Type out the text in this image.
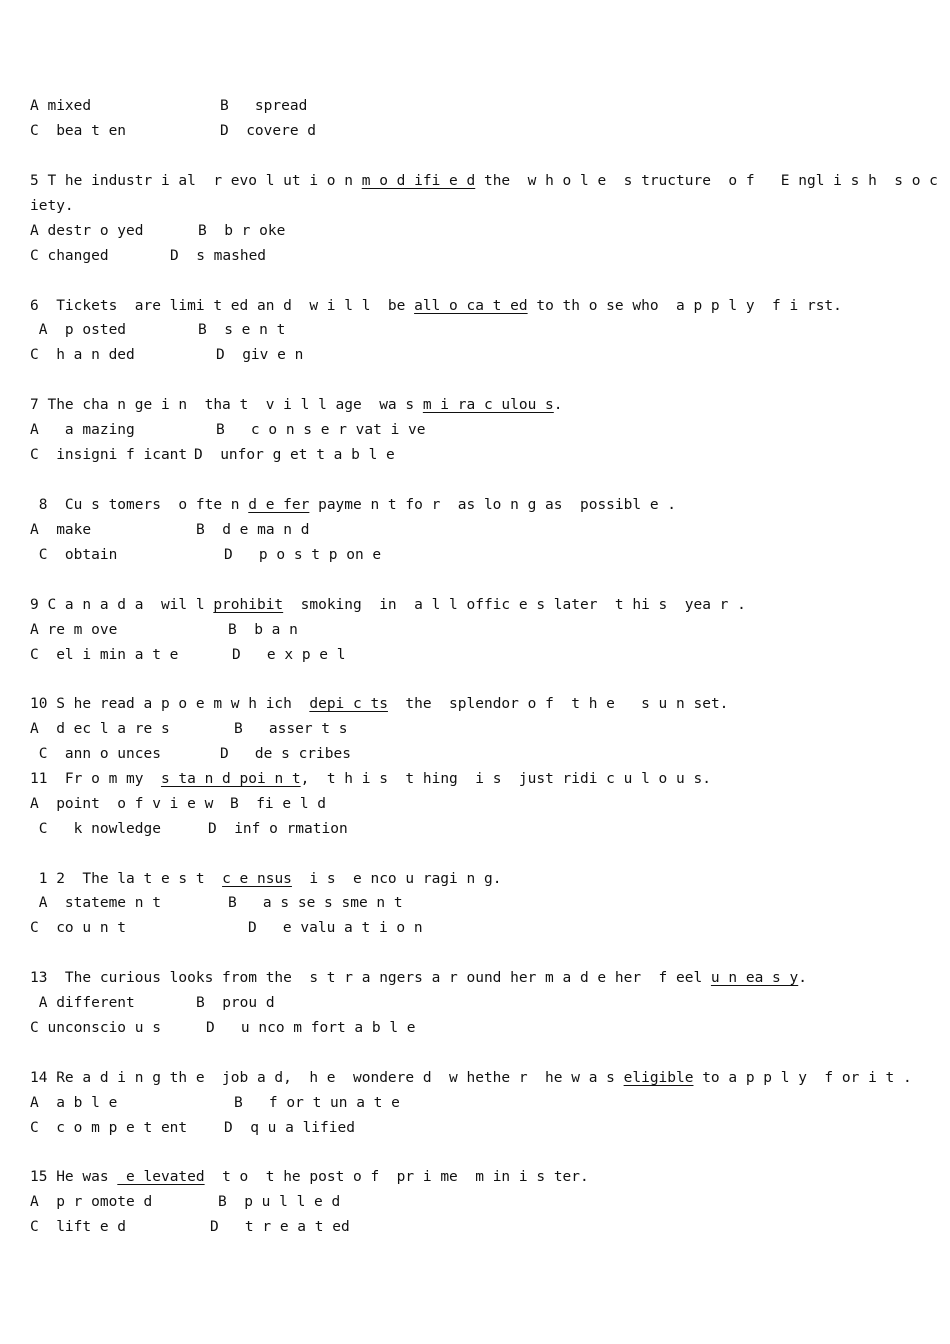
A mixed	B   spread
C  bea t en	D  covere d
5 T he industr i al  r evo l ut i o n m o d ifi e d the  w h o l e  s tructure  o f   E ngl i s h  s o c
iety.
A destr o yed	B  b r oke
C changed	D  s mashed
6  Tickets  are limi t ed an d  w i l l  be all o ca t ed to th o se who  a p p l y  f i rst.
A  p osted	B  s e n t
C  h a n ded	D  giv e n
7 The cha n ge i n  tha t  v i l l age  wa s m i ra c ulou s.
A   a mazing	B   c o n s e r vat i ve
C  insigni f icant D  unfor g et t a b l e
8  Cu s tomers  o fte n d e fer payme n t fo r  as lo n g as  possibl e .
A  make	B  d e ma n d
C  obtain	D   p o s t p on e
9 C a n a d a  wil l prohibit  smoking  in  a l l offic e s later  t hi s  yea r .
A re m ove	B  b a n
C  el i min a t e	D   e x p e l
10 S he read a p o e m w h ich  depi c ts  the  splendor o f  t h e   s u n set.
A  d ec l a re s	B   asser t s
C  ann o unces	D   de s cribes
11  Fr o m my  s ta n d poi n t,  t h i s  t hing  i s  just ridi c u l o u s.
A  point  o f v i e w B  fi e l d
C   k nowledge	D  inf o rmation
1 2  The la t e s t  c e nsus  i s  e nco u ragi n g.
A  stateme n t	B   a s se s sme n t
C  co u n t	D   e valu a t i o n
13  The curious looks from the  s t r a ngers a r ound her m a d e her  f eel u n ea s y.
A different	B  prou d
C unconscio u s	D   u nco m fort a b l e
14 Re a d i n g th e  job a d,  h e  wondere d  w hethe r  he w a s eligible to a p p l y  f or i t .
A  a b l e	B   f or t un a t e
C  c o m p e t ent	D  q u a lified
15 He was  e levated  t o  t he post o f  pr i me  m in i s ter.
A  p r omote d	B  p u l l e d
C  lift e d	D   t r e a t ed
